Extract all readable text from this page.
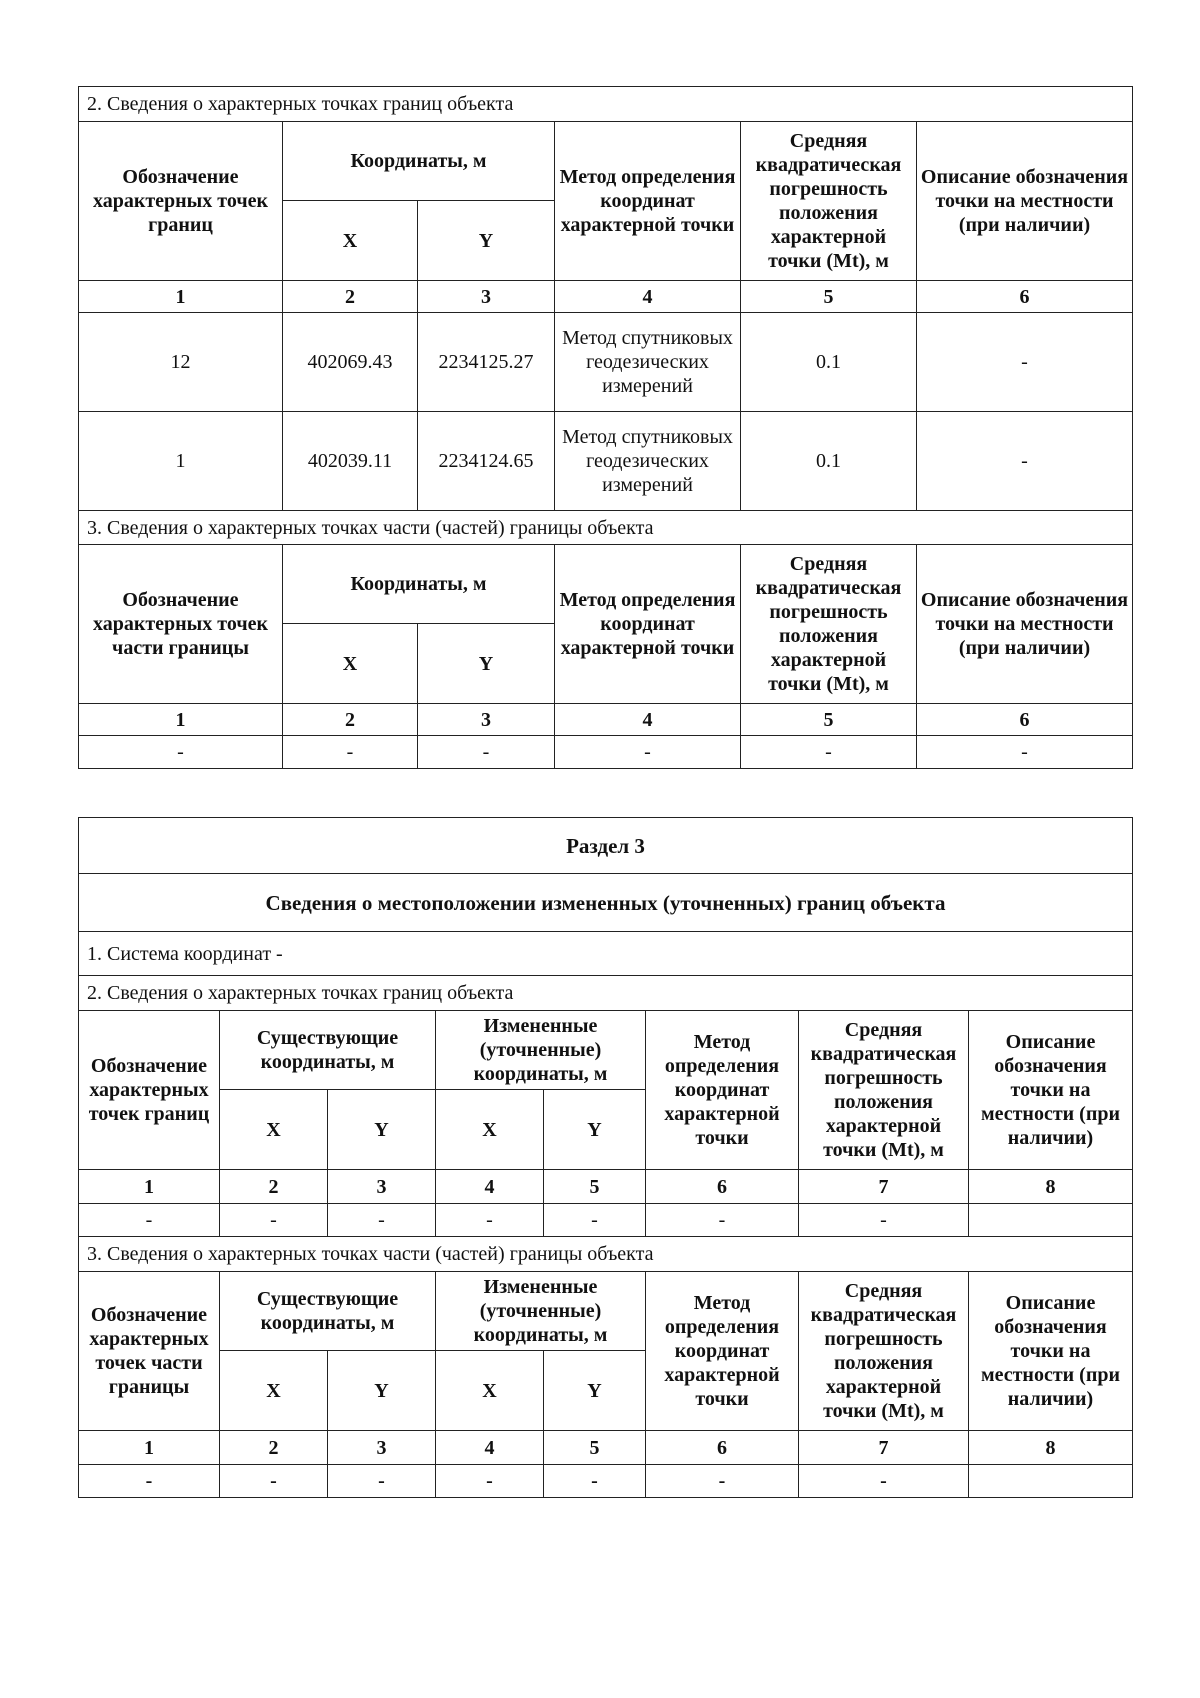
2. Сведения о характерных точках границ объекта					
Обозначение характерных точек границ	Координаты, м		Метод определения координат характерной точки	Средняя квадратическая погрешность положения характерной точки (Mt), м	Описание обозначения точки на местности (при наличии)
	X	Y			
1	2	3	4	5	6
12	402069.43	2234125.27	Метод спутниковых геодезических измерений	0.1	-
1	402039.11	2234124.65	Метод спутниковых геодезических измерений	0.1	-
3. Сведения о характерных точках части (частей) границы объекта					
Обозначение характерных точек части границы	Координаты, м		Метод определения координат характерной точки	Средняя квадратическая погрешность положения характерной точки (Mt), м	Описание обозначения точки на местности (при наличии)
	X	Y			
1	2	3	4	5	6
-	-	-	-	-	-
Раздел 3							
Сведения о местоположении измененных (уточненных) границ объекта							
1. Система координат -							
2. Сведения о характерных точках границ объекта							
Обозначение характерных точек границ	Существующие координаты, м		Измененные (уточненные) координаты, м		Метод определения координат характерной точки	Средняя квадратическая погрешность положения характерной точки (Mt), м	Описание обозначения точки на местности (при наличии)
	X	Y	X	Y			
1	2	3	4	5	6	7	8
-	-	-	-	-	-	-	
3. Сведения о характерных точках части (частей) границы объекта							
Обозначение характерных точек части границы	Существующие координаты, м		Измененные (уточненные) координаты, м		Метод определения координат характерной точки	Средняя квадратическая погрешность положения характерной точки (Mt), м	Описание обозначения точки на местности (при наличии)
	X	Y	X	Y			
1	2	3	4	5	6	7	8
-	-	-	-	-	-	-	
